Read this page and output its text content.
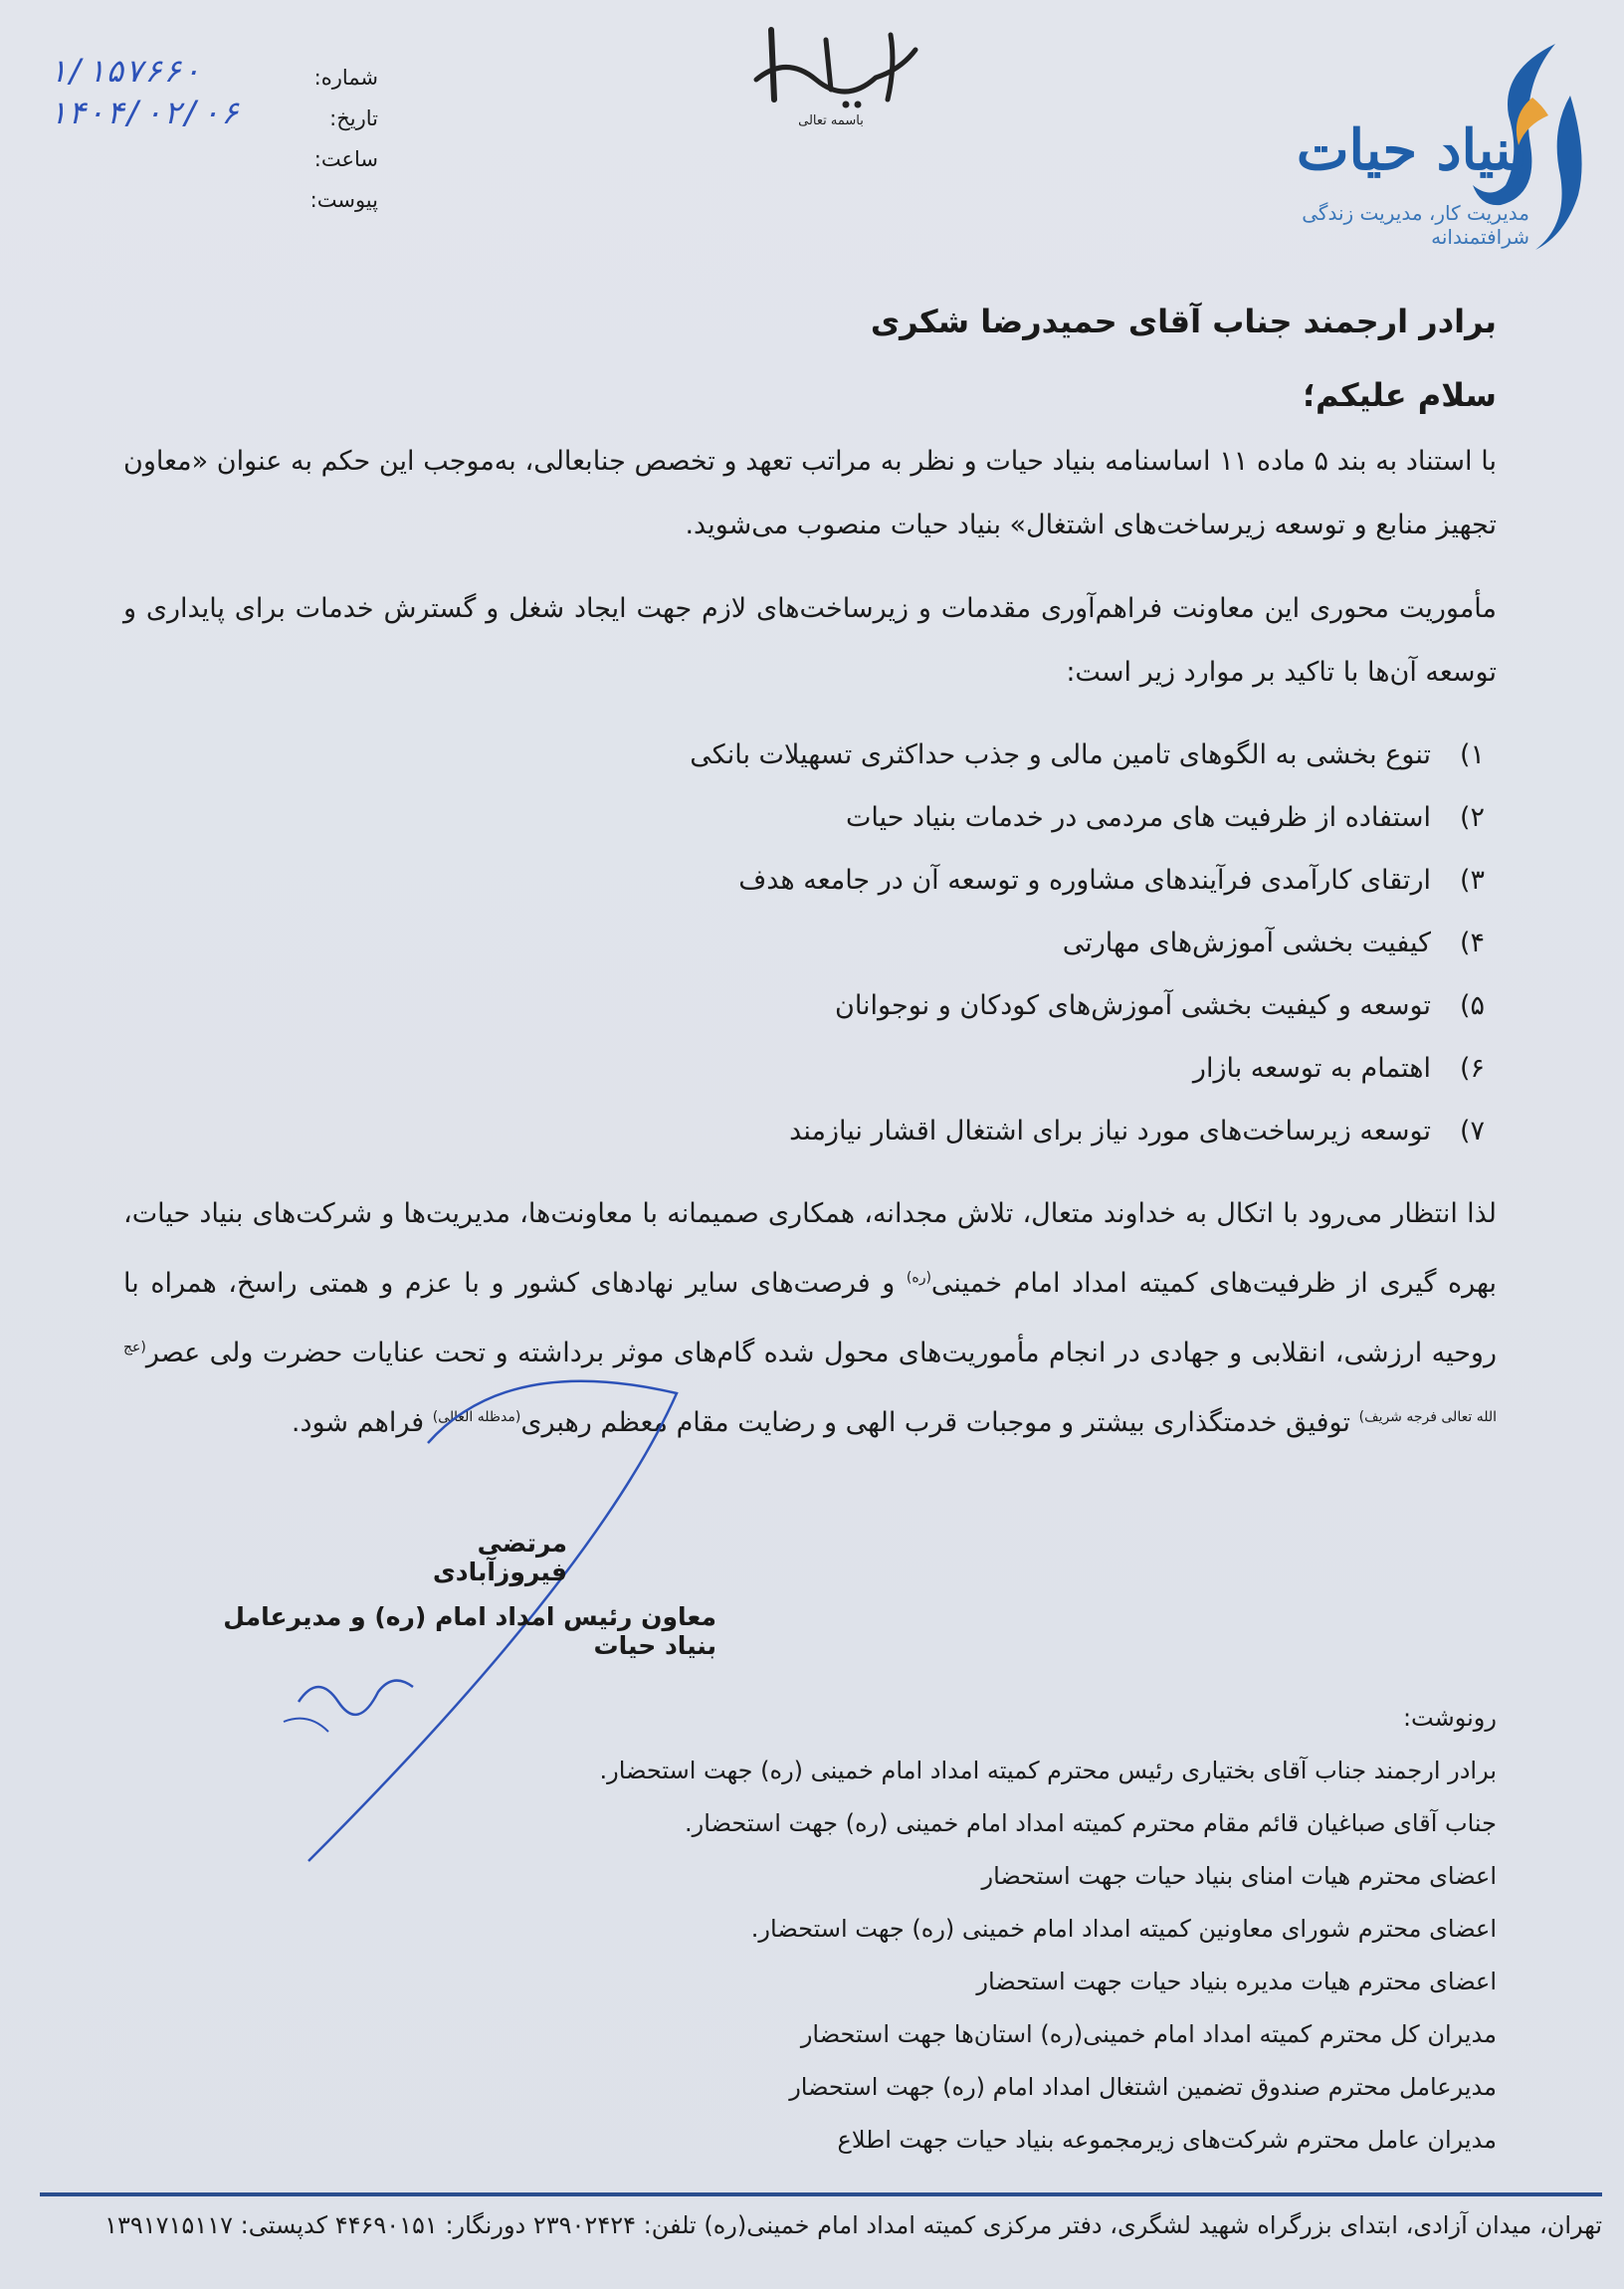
باسمه تعالی
شماره:
تاریخ:
ساعت:
پیوست:
۱/۱۵۷۶۶۰
۱۴۰۴/۰۲/۰۶
بنیاد حیات
مدیریت کار، مدیریت زندگی شرافتمندانه
برادر ارجمند جناب آقای حمیدرضا شکری
سلام علیکم؛
با استناد به بند ۵ ماده ۱۱ اساسنامه بنیاد حیات و نظر به مراتب تعهد و تخصص جنابعالی، به‌موجب این حکم به عنوان «معاون تجهیز منابع و توسعه زیرساخت‌های اشتغال» بنیاد حیات منصوب می‌شوید.
مأموریت محوری این معاونت فراهم‌آوری مقدمات و زیرساخت‌های لازم جهت ایجاد شغل و گسترش خدمات برای پایداری و توسعه آن‌ها با تاکید بر موارد زیر است:
۱)
تنوع بخشی به الگوهای تامین مالی و جذب حداکثری تسهیلات بانکی
۲)
استفاده از ظرفیت های مردمی در خدمات بنیاد حیات
۳)
ارتقای کارآمدی فرآیندهای مشاوره و توسعه آن در جامعه هدف
۴)
کیفیت بخشی آموزش‌های مهارتی
۵)
توسعه و کیفیت بخشی آموزش‌های کودکان و نوجوانان
۶)
اهتمام به توسعه بازار
۷)
توسعه زیرساخت‌های مورد نیاز برای اشتغال اقشار نیازمند
لذا انتظار می‌رود با اتکال به خداوند متعال، تلاش مجدانه، همکاری صمیمانه با معاونت‌ها، مدیریت‌ها و شرکت‌های بنیاد حیات، بهره گیری از ظرفیت‌های کمیته امداد امام خمینی$^{(ره)}$ و فرصت‌های سایر نهادهای کشور و با عزم و همتی راسخ، همراه با روحیه ارزشی، انقلابی و جهادی در انجام مأموریت‌های محول شده گام‌های موثر برداشته و تحت عنایات حضرت ولی عصر$^{(عج الله تعالی فرجه شریف)}$ توفیق خدمتگذاری بیشتر و موجبات قرب الهی و رضایت مقام معظم رهبری$^{(مدظله العالی)}$ فراهم شود.
مرتضی فیروزآبادی
معاون رئیس امداد امام (ره) و مدیرعامل بنیاد حیات
رونوشت:
برادر ارجمند جناب آقای بختیاری رئیس محترم کمیته امداد امام خمینی (ره) جهت استحضار.
جناب آقای صباغیان قائم مقام محترم کمیته امداد امام خمینی (ره) جهت استحضار.
اعضای محترم هیات امنای بنیاد حیات جهت استحضار
اعضای محترم شورای معاونین کمیته امداد امام خمینی (ره) جهت استحضار.
اعضای محترم هیات مدیره بنیاد حیات جهت استحضار
مدیران کل محترم کمیته امداد امام خمینی(ره) استان‌ها جهت استحضار
مدیرعامل محترم صندوق تضمین اشتغال امداد امام (ره) جهت استحضار
مدیران عامل محترم شرکت‌های زیرمجموعه بنیاد حیات جهت اطلاع
تهران، میدان آزادی، ابتدای بزرگراه شهید لشگری، دفتر مرکزی کمیته امداد امام خمینی(ره) تلفن: ۲۳۹۰۲۴۲۴ دورنگار: ۴۴۶۹۰۱۵۱ کدپستی: ۱۳۹۱۷۱۵۱۱۷
